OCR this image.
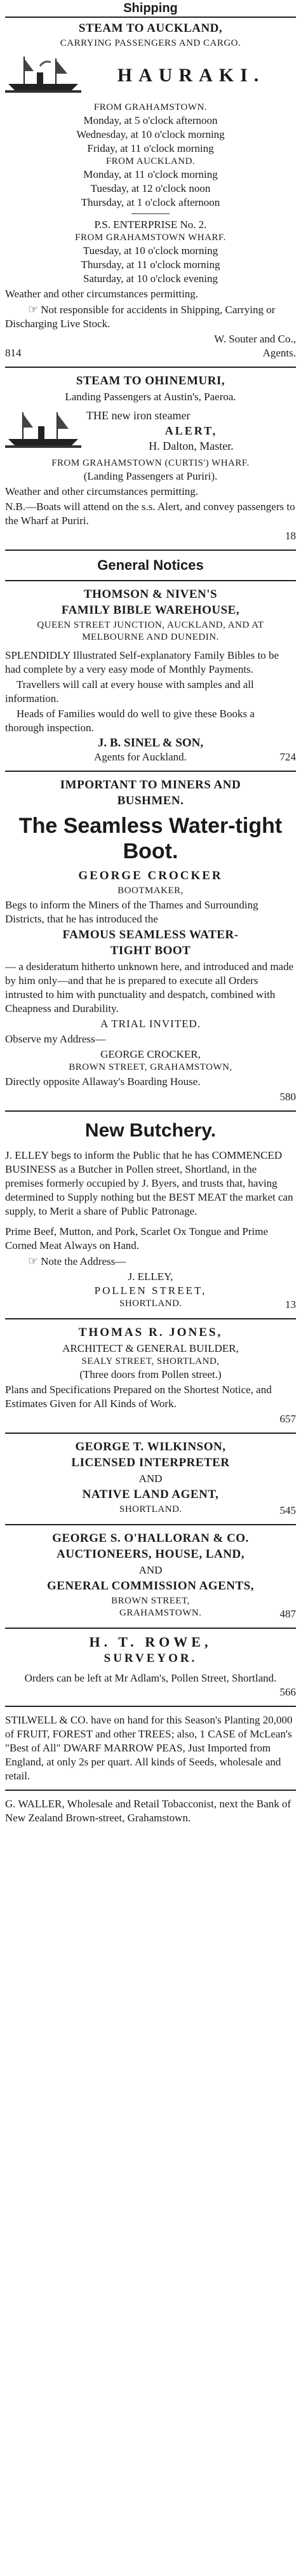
Shipping
STEAM TO AUCKLAND,
CARRYING PASSENGERS AND CARGO.
HAURAKI.
FROM GRAHAMSTOWN.
Monday, at 5 o'clock afternoon
Wednesday, at 10 o'clock morning
Friday, at 11 o'clock morning
FROM AUCKLAND.
Monday, at 11 o'clock morning
Tuesday, at 12 o'clock noon
Thursday, at 1 o'clock afternoon
P.S. ENTERPRISE No. 2.
FROM GRAHAMSTOWN WHARF.
Tuesday, at 10 o'clock morning
Thursday, at 11 o'clock morning
Saturday, at 10 o'clock evening
Weather and other circumstances permitting.
☞ Not responsible for accidents in Shipping, Carrying or Discharging Live Stock.
W. Souter and Co.,
814	Agents.
STEAM TO OHINEMURI,
Landing Passengers at Austin's, Paeroa.
THE new iron steamer
ALERT,
H. Dalton, Master.
FROM GRAHAMSTOWN (CURTIS') WHARF.
(Landing Passengers at Puriri).
Weather and other circumstances permitting.
N.B.—Boats will attend on the s.s. Alert, and convey passengers to the Wharf at Puriri.
18
General Notices
THOMSON & NIVEN'S
FAMILY BIBLE WAREHOUSE,
QUEEN STREET JUNCTION, AUCKLAND, AND AT MELBOURNE AND DUNEDIN.
SPLENDIDLY Illustrated Self-explanatory Family Bibles to be had complete by a very easy mode of Monthly Payments.
Travellers will call at every house with samples and all information.
Heads of Families would do well to give these Books a thorough inspection.
J. B. SINEL & SON,
Agents for Auckland.	724
IMPORTANT TO MINERS AND
BUSHMEN.
The Seamless Water-tight Boot.
GEORGE CROCKER
BOOTMAKER,
Begs to inform the Miners of the Thames and Surrounding Districts, that he has introduced the
FAMOUS SEAMLESS WATER-
TIGHT BOOT
— a desideratum hitherto unknown here, and introduced and made by him only—and that he is prepared to execute all Orders intrusted to him with punctuality and despatch, combined with Cheapness and Durability.
A TRIAL INVITED.
Observe my Address—
GEORGE CROCKER,
BROWN STREET, GRAHAMSTOWN,
Directly opposite Allaway's Boarding House.
580
New Butchery.
J. ELLEY begs to inform the Public that he has COMMENCED BUSINESS as a Butcher in Pollen street, Shortland, in the premises formerly occupied by J. Byers, and trusts that, having determined to Supply nothing but the BEST MEAT the market can supply, to Merit a share of Public Patronage.
Prime Beef, Mutton, and Pork, Scarlet Ox Tongue and Prime Corned Meat Always on Hand.
☞ Note the Address—
J. ELLEY,
POLLEN STREET,
SHORTLAND.	13
THOMAS R. JONES,
ARCHITECT & GENERAL BUILDER,
SEALY STREET, SHORTLAND,
(Three doors from Pollen street.)
Plans and Specifications Prepared on the Shortest Notice, and Estimates Given for All Kinds of Work.
657
GEORGE T. WILKINSON,
LICENSED INTERPRETER
AND
NATIVE LAND AGENT,
SHORTLAND.	545
GEORGE S. O'HALLORAN & CO.
AUCTIONEERS, HOUSE, LAND,
AND
GENERAL COMMISSION AGENTS,
BROWN STREET,
GRAHAMSTOWN.	487
H. T. ROWE,
SURVEYOR.
Orders can be left at Mr Adlam's, Pollen Street, Shortland.
566
STILWELL & CO. have on hand for this Season's Planting 20,000 of FRUIT, FOREST and other TREES; also, 1 CASE of McLean's "Best of All" DWARF MARROW PEAS, Just Imported from England, at only 2s per quart. All kinds of Seeds, wholesale and retail.
G. WALLER, Wholesale and Retail Tobacconist, next the Bank of New Zealand Brown-street, Grahamstown.
